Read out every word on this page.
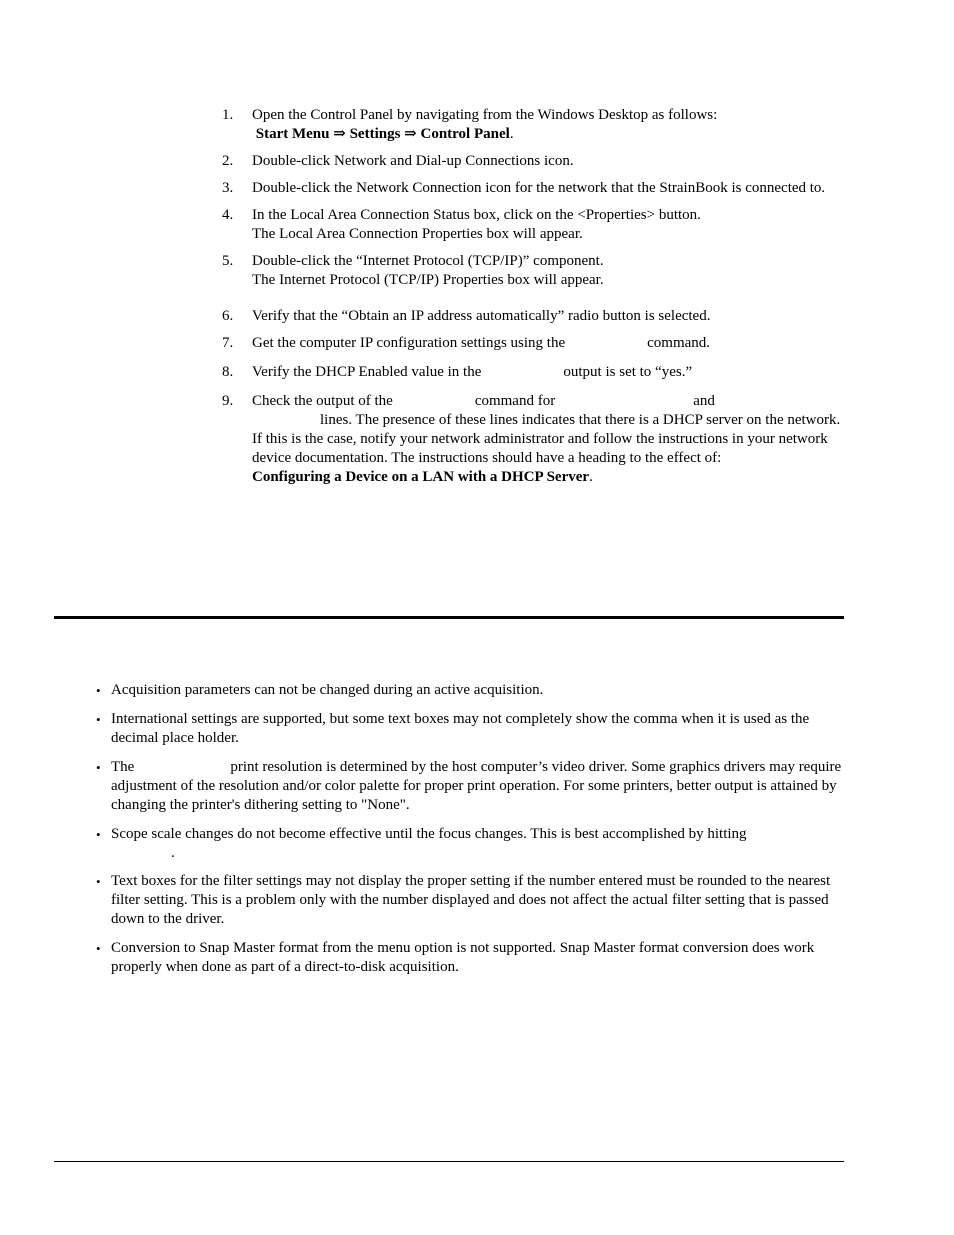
1. Open the Control Panel by navigating from the Windows Desktop as follows:
Start Menu ⇒ Settings ⇒ Control Panel.
2. Double-click Network and Dial-up Connections icon.
3. Double-click the Network Connection icon for the network that the StrainBook is connected to.
4. In the Local Area Connection Status box, click on the <Properties> button.
The Local Area Connection Properties box will appear.
5. Double-click the “Internet Protocol (TCP/IP)” component.
The Internet Protocol (TCP/IP) Properties box will appear.
6. Verify that the “Obtain an IP address automatically” radio button is selected.
7. Get the computer IP configuration settings using the	command.
8. Verify the DHCP Enabled value in the	output is set to “yes.”
9. Check the output of the	command for	and
lines. The presence of these lines indicates that there is a DHCP server on the network. If this is the case, notify your network administrator and follow the instructions in your network device documentation. The instructions should have a heading to the effect of:
Configuring a Device on a LAN with a DHCP Server.
• Acquisition parameters can not be changed during an active acquisition.
• International settings are supported, but some text boxes may not completely show the comma when it is used as the decimal place holder.
• The	print resolution is determined by the host computer’s video driver. Some graphics drivers may require adjustment of the resolution and/or color palette for proper print operation. For some printers, better output is attained by changing the printer's dithering setting to "None".
• Scope scale changes do not become effective until the focus changes. This is best accomplished by hitting
.
• Text boxes for the filter settings may not display the proper setting if the number entered must be rounded to the nearest filter setting. This is a problem only with the number displayed and does not affect the actual filter setting that is passed down to the driver.
• Conversion to Snap Master format from the menu option is not supported. Snap Master format conversion does work properly when done as part of a direct-to-disk acquisition.
